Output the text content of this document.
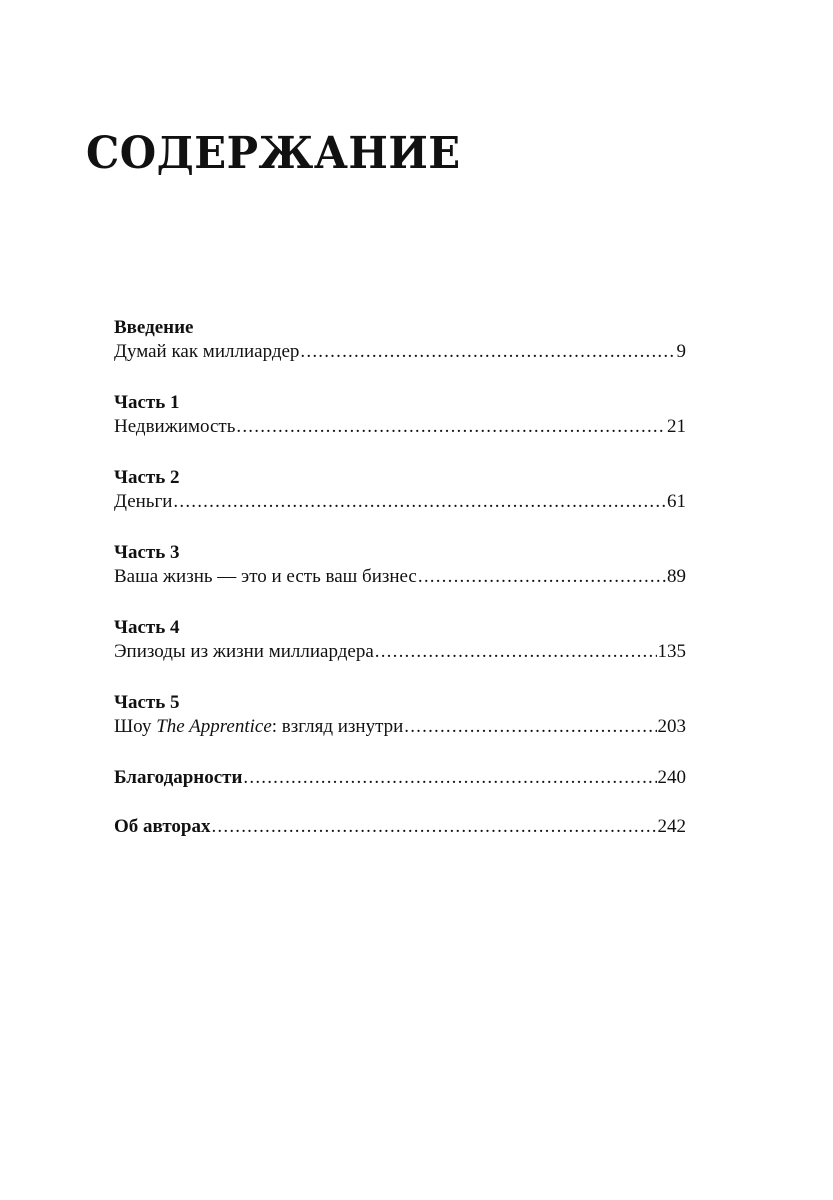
СОДЕРЖАНИЕ
Введение
Думай как миллиардер .....	9
Часть 1
Недвижимость .....	21
Часть 2
Деньги .....	61
Часть 3
Ваша жизнь — это и есть ваш бизнес .....	89
Часть 4
Эпизоды из жизни миллиардера .....	135
Часть 5
Шоу The Apprentice: взгляд изнутри .....	203
Благодарности .....	240
Об авторах .....	242
